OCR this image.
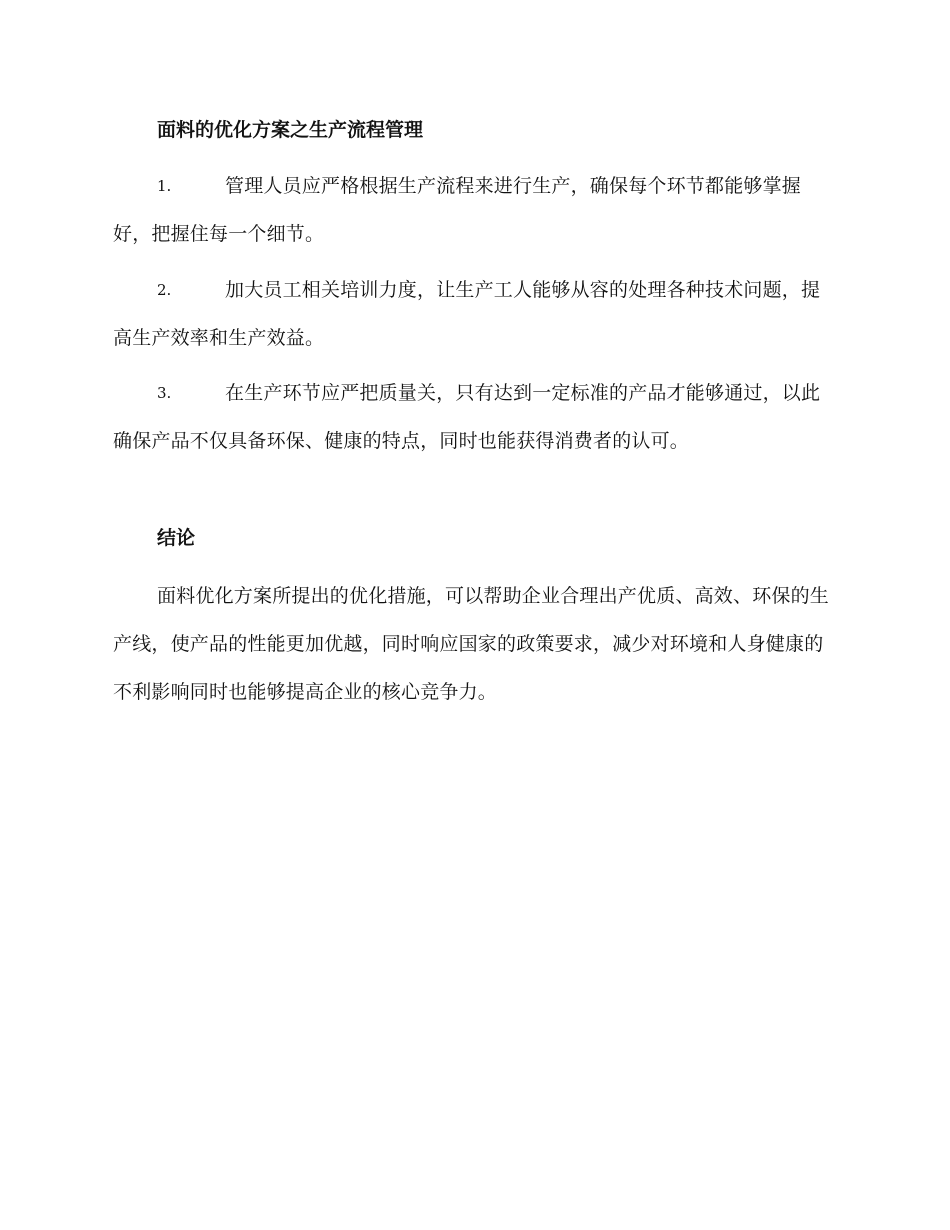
面料的优化方案之生产流程管理
1.	管理人员应严格根据生产流程来进行生产，确保每个环节都能够掌握好，把握住每一个细节。
2.	加大员工相关培训力度，让生产工人能够从容的处理各种技术问题，提高生产效率和生产效益。
3.	在生产环节应严把质量关，只有达到一定标准的产品才能够通过，以此确保产品不仅具备环保、健康的特点，同时也能获得消费者的认可。
结论
面料优化方案所提出的优化措施，可以帮助企业合理出产优质、高效、环保的生产线，使产品的性能更加优越，同时响应国家的政策要求，减少对环境和人身健康的不利影响同时也能够提高企业的核心竞争力。
